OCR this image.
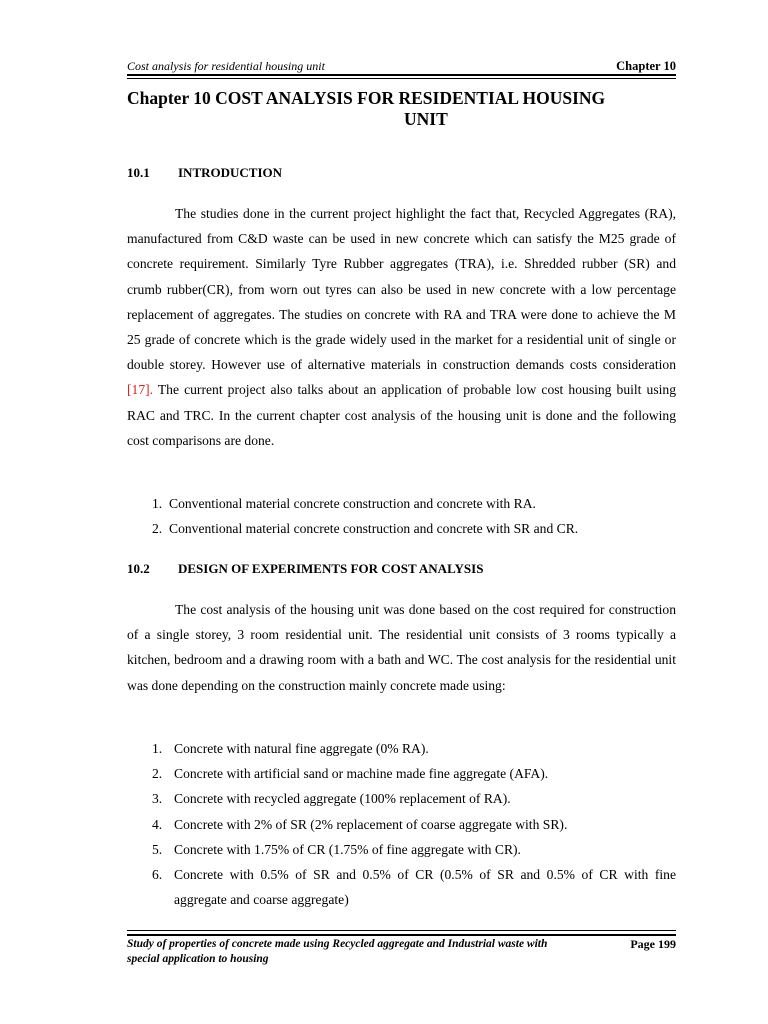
Cost analysis for residential housing unit	Chapter 10
Chapter 10 COST ANALYSIS FOR RESIDENTIAL HOUSING
UNIT
10.1 INTRODUCTION

The studies done in the current project highlight the fact that, Recycled Aggregates (RA), manufactured from C&D waste can be used in new concrete which can satisfy the M25 grade of concrete requirement. Similarly Tyre Rubber aggregates (TRA), i.e. Shredded rubber (SR) and crumb rubber(CR), from worn out tyres can also be used in new concrete with a low percentage replacement of aggregates. The studies on concrete with RA and TRA were done to achieve the M 25 grade of concrete which is the grade widely used in the market for a residential unit of single or double storey. However use of alternative materials in construction demands costs consideration [17]. The current project also talks about an application of probable low cost housing built using RAC and TRC. In the current chapter cost analysis of the housing unit is done and the following cost comparisons are done.

1. Conventional material concrete construction and concrete with RA.
2. Conventional material concrete construction and concrete with SR and CR.
10.2 DESIGN OF EXPERIMENTS FOR COST ANALYSIS

The cost analysis of the housing unit was done based on the cost required for construction of a single storey, 3 room residential unit. The residential unit consists of 3 rooms typically a kitchen, bedroom and a drawing room with a bath and WC. The cost analysis for the residential unit was done depending on the construction mainly concrete made using:

1. Concrete with natural fine aggregate (0% RA).
2. Concrete with artificial sand or machine made fine aggregate (AFA).
3. Concrete with recycled aggregate (100% replacement of RA).
4. Concrete with 2% of SR (2% replacement of coarse aggregate with SR).
5. Concrete with 1.75% of CR (1.75% of fine aggregate with CR).
6. Concrete with 0.5% of SR and 0.5% of CR (0.5% of SR and 0.5% of CR with fine aggregate and coarse aggregate)
Study of properties of concrete made using Recycled aggregate and Industrial waste with special application to housing
Page 199
